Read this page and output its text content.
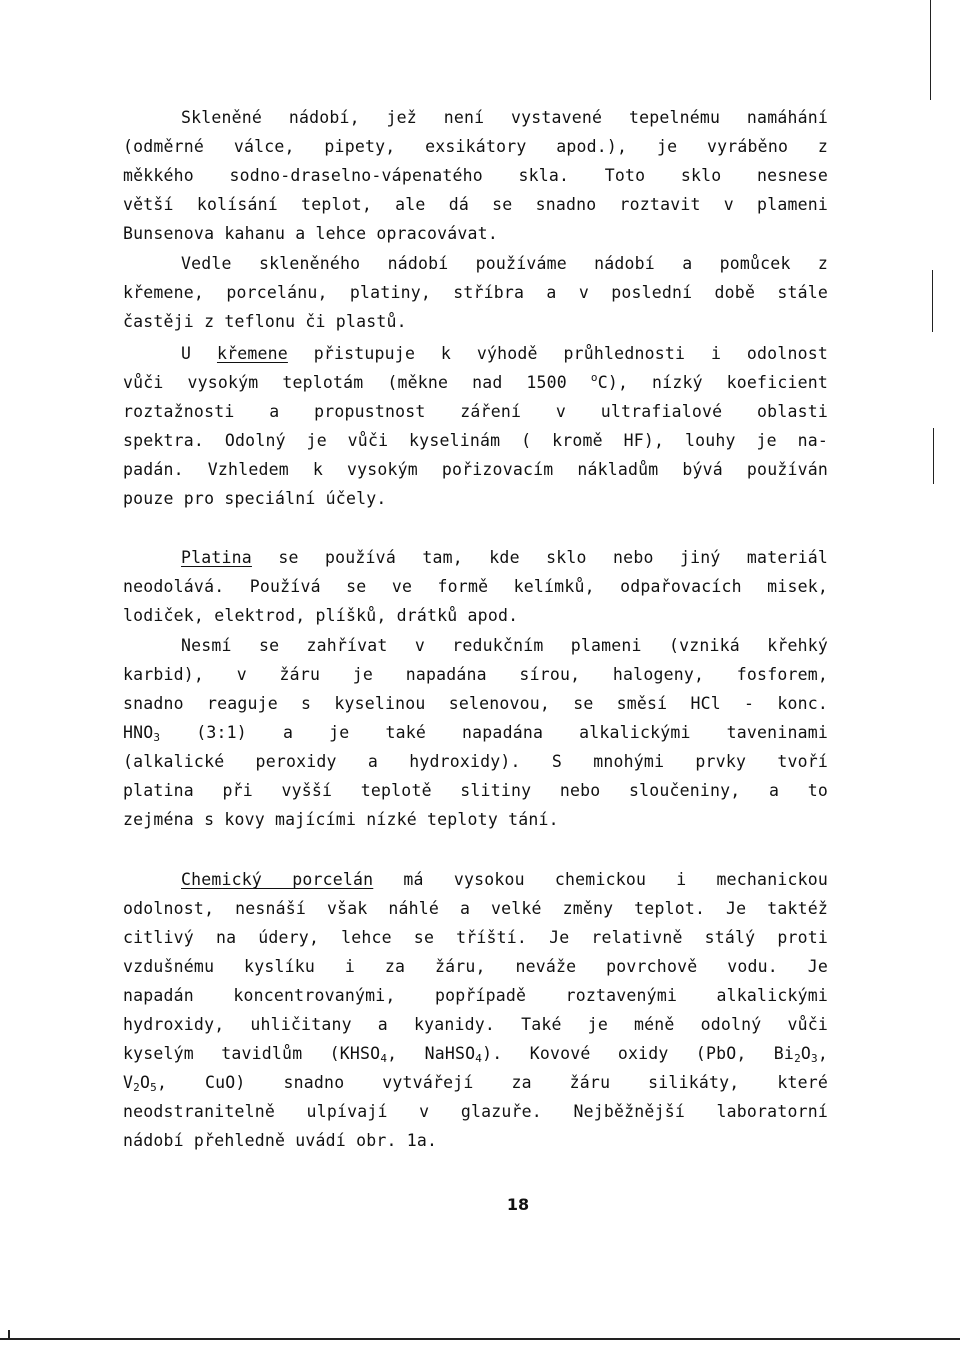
Skleněné nádobí, jež není vystavené tepelnému namáhání
(odměrné válce, pipety, exsikátory apod.), je vyráběno z
měkkého sodno-draselno-vápenatého skla. Toto sklo nesnese
větší kolísání teplot, ale dá se snadno roztavit v plameni
Bunsenova kahanu a lehce opracovávat.
Vedle skleněného nádobí používáme nádobí a pomůcek z
křemene, porcelánu, platiny, stříbra a v poslední době stále
častěji z teflonu či plastů.
U křemene přistupuje k výhodě průhlednosti i odolnost
vůči vysokým teplotám (měkne nad 1500 $^o$C), nízký koeficient
roztažnosti a propustnost záření v ultrafialové oblasti
spektra. Odolný je vůči kyselinám ( kromě HF), louhy je na-
padán. Vzhledem k vysokým pořizovacím nákladům bývá používán
pouze pro speciální účely.
Platina se používá tam, kde sklo nebo jiný materiál
neodolává. Používá se ve formě kelímků, odpařovacích misek,
lodiček, elektrod, plíšků, drátků apod.
Nesmí se zahřívat v redukčním plameni (vzniká křehký
karbid), v žáru je napadána sírou, halogeny, fosforem,
snadno reaguje s kyselinou selenovou, se směsí HCl - konc.
$HNO_3$ (3:1) a je také napadána alkalickými taveninami
(alkalické peroxidy a hydroxidy). S mnohými prvky tvoří
platina při vyšší teplotě slitiny nebo sloučeniny, a to
zejména s kovy majícími nízké teploty tání.
Chemický porcelán má vysokou chemickou i mechanickou
odolnost, nesnáší však náhlé a velké změny teplot. Je taktéž
citlivý na údery, lehce se tříští. Je relativně stálý proti
vzdušnému kyslíku i za žáru, neváže povrchově vodu. Je
napadán koncentrovanými, popřípadě roztavenými alkalickými
hydroxidy, uhličitany a kyanidy. Také je méně odolný vůči
kyselým tavidlům ($KHSO_4$, NaHSO$_4$). Kovové oxidy (PbO, $Bi_2O_3$,
$V_2O_5$, CuO) snadno vytvářejí za žáru silikáty, které
neodstranitelně ulpívají v glazuře. Nejběžnější laboratorní
nádobí přehledně uvádí obr. 1a.
18
